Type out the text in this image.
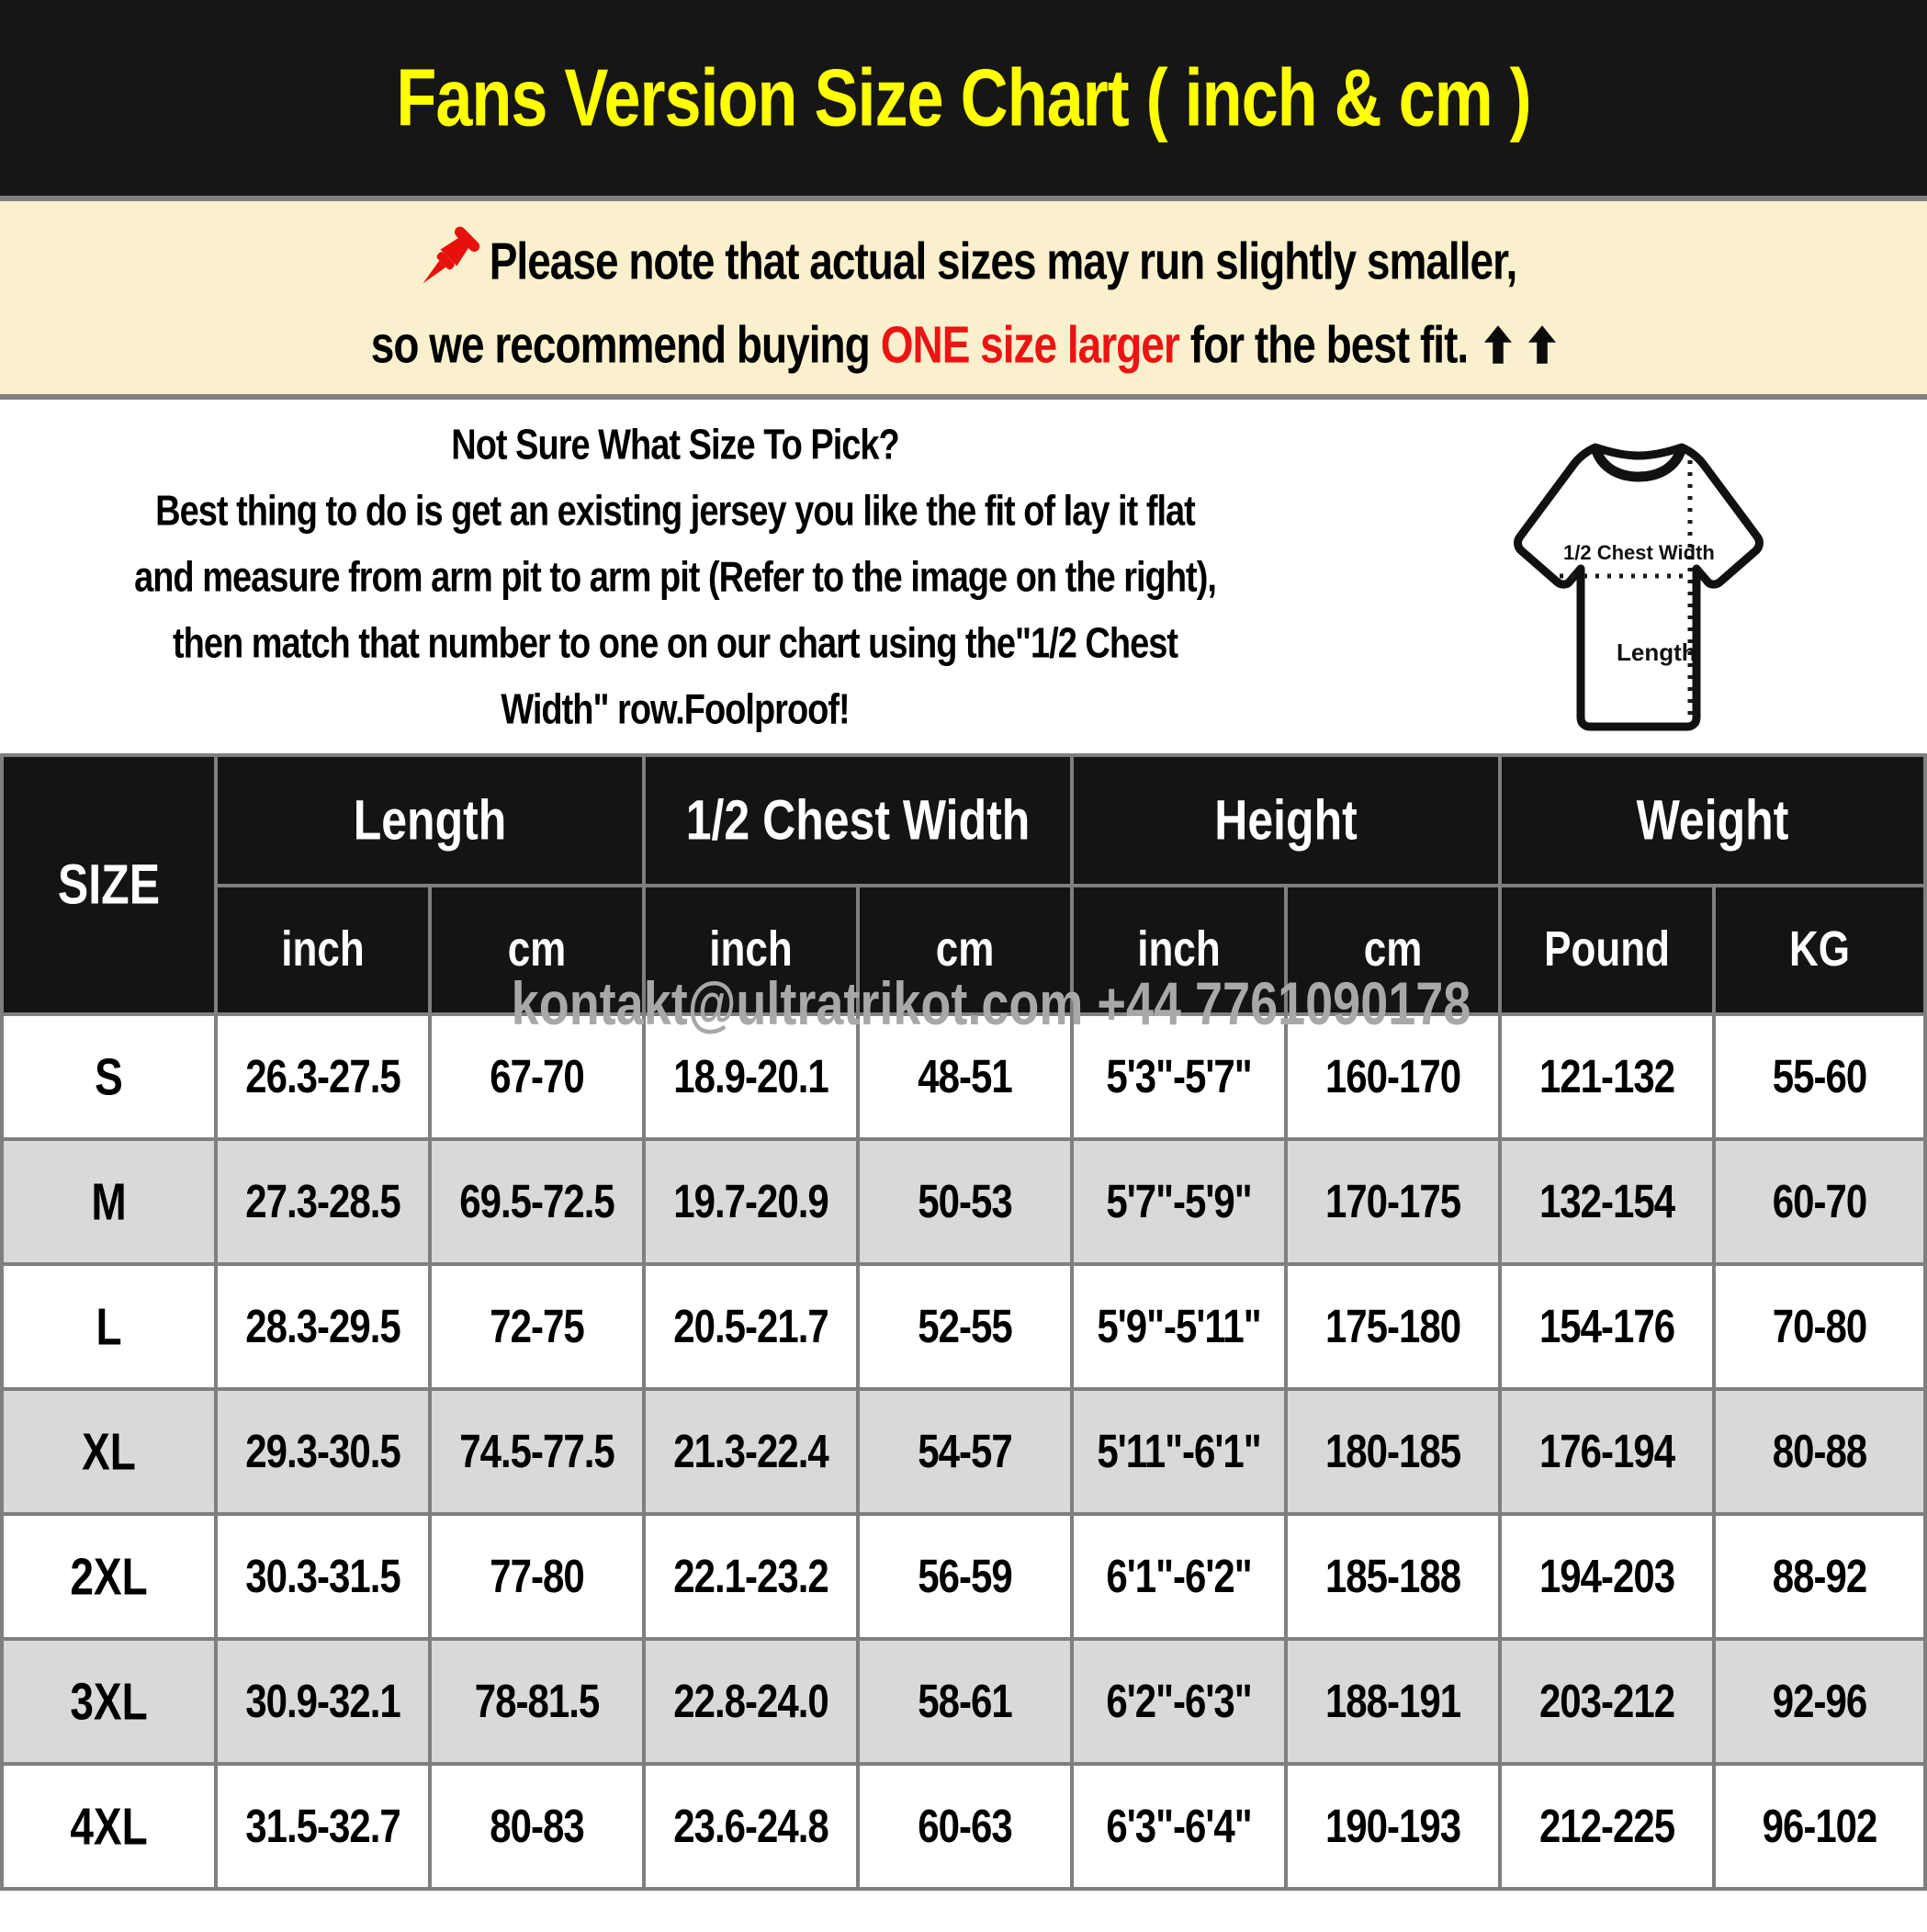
Fans Version Size Chart ( inch & cm )
Please note that actual sizes may run slightly smaller,
so we recommend buying ONE size larger for the best fit.
Not Sure What Size To Pick?
Best thing to do is get an existing jersey you like the fit of lay it flat
and measure from arm pit to arm pit (Refer to the image on the right),
then match that number to one on our chart using the"1/2 Chest
Width" row.Foolproof!
1/2 Chest Width
Length
SIZE	Length		1/2 Chest Width		Height		Weight	
	inch	cm	inch	cm	inch	cm	Pound	KG
S	26.3-27.5	67-70	18.9-20.1	48-51	5'3"-5'7"	160-170	121-132	55-60
M	27.3-28.5	69.5-72.5	19.7-20.9	50-53	5'7"-5'9"	170-175	132-154	60-70
L	28.3-29.5	72-75	20.5-21.7	52-55	5'9"-5'11"	175-180	154-176	70-80
XL	29.3-30.5	74.5-77.5	21.3-22.4	54-57	5'11"-6'1"	180-185	176-194	80-88
2XL	30.3-31.5	77-80	22.1-23.2	56-59	6'1"-6'2"	185-188	194-203	88-92
3XL	30.9-32.1	78-81.5	22.8-24.0	58-61	6'2"-6'3"	188-191	203-212	92-96
4XL	31.5-32.7	80-83	23.6-24.8	60-63	6'3"-6'4"	190-193	212-225	96-102

kontakt@ultratrikot.com +44 7761090178
